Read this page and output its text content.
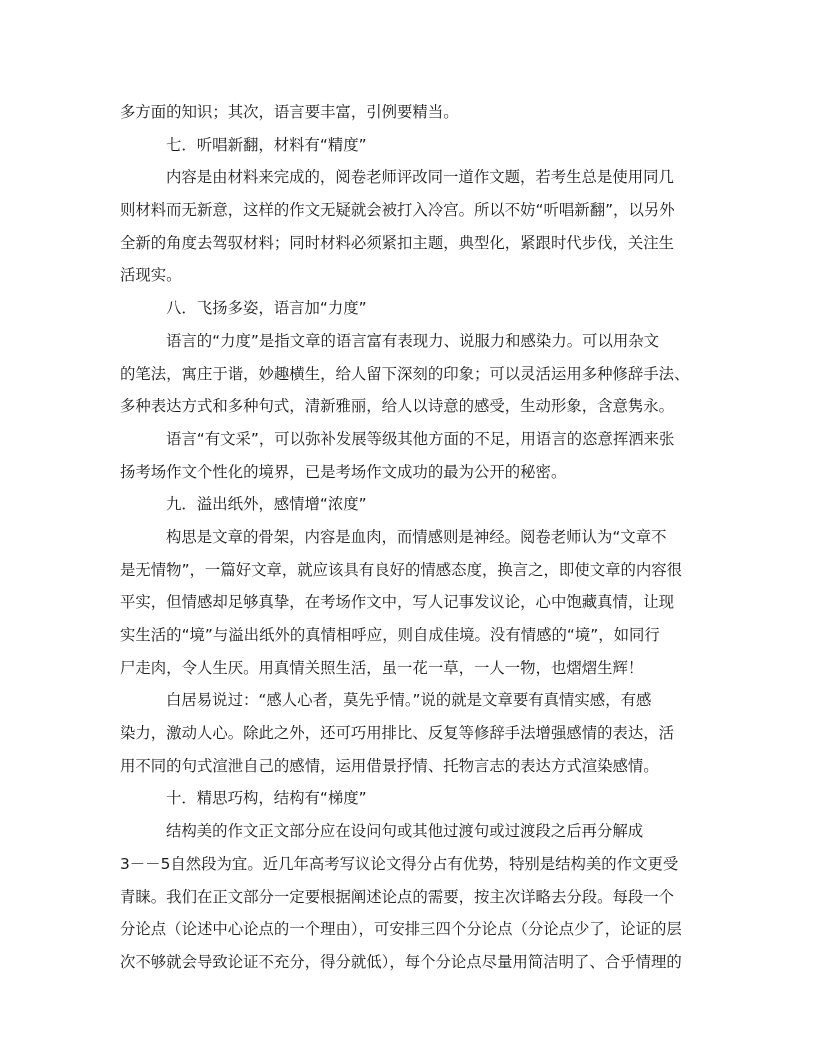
多方面的知识；其次，语言要丰富，引例要精当。
七．听唱新翻，材料有“精度”
内容是由材料来完成的，阅卷老师评改同一道作文题，若考生总是使用同几
则材料而无新意，这样的作文无疑就会被打入冷宫。所以不妨“听唱新翻”，以另外
全新的角度去驾驭材料；同时材料必须紧扣主题，典型化，紧跟时代步伐，关注生
活现实。
八．飞扬多姿，语言加“力度”
语言的“力度”是指文章的语言富有表现力、说服力和感染力。可以用杂文
的笔法，寓庄于谐，妙趣横生，给人留下深刻的印象；可以灵活运用多种修辞手法、
多种表达方式和多种句式，清新雅丽，给人以诗意的感受，生动形象，含意隽永。
语言“有文采”，可以弥补发展等级其他方面的不足，用语言的恣意挥洒来张
扬考场作文个性化的境界，已是考场作文成功的最为公开的秘密。
九．溢出纸外，感情增“浓度”
构思是文章的骨架，内容是血肉，而情感则是神经。阅卷老师认为“文章不
是无情物”，一篇好文章，就应该具有良好的情感态度，换言之，即使文章的内容很
平实，但情感却足够真挚，在考场作文中，写人记事发议论，心中饱藏真情，让现
实生活的“境”与溢出纸外的真情相呼应，则自成佳境。没有情感的“境”，如同行
尸走肉，令人生厌。用真情关照生活，虽一花一草，一人一物，也熠熠生辉！
白居易说过：“感人心者，莫先乎情。”说的就是文章要有真情实感，有感
染力，激动人心。除此之外，还可巧用排比、反复等修辞手法增强感情的表达，活
用不同的句式渲泄自己的感情，运用借景抒情、托物言志的表达方式渲染感情。
十．精思巧构，结构有“梯度”
结构美的作文正文部分应在设问句或其他过渡句或过渡段之后再分解成
3－－5自然段为宜。近几年高考写议论文得分占有优势，特别是结构美的作文更受
青睐。我们在正文部分一定要根据阐述论点的需要，按主次详略去分段。每段一个
分论点（论述中心论点的一个理由），可安排三四个分论点（分论点少了，论证的层
次不够就会导致论证不充分，得分就低），每个分论点尽量用简洁明了、合乎情理的
